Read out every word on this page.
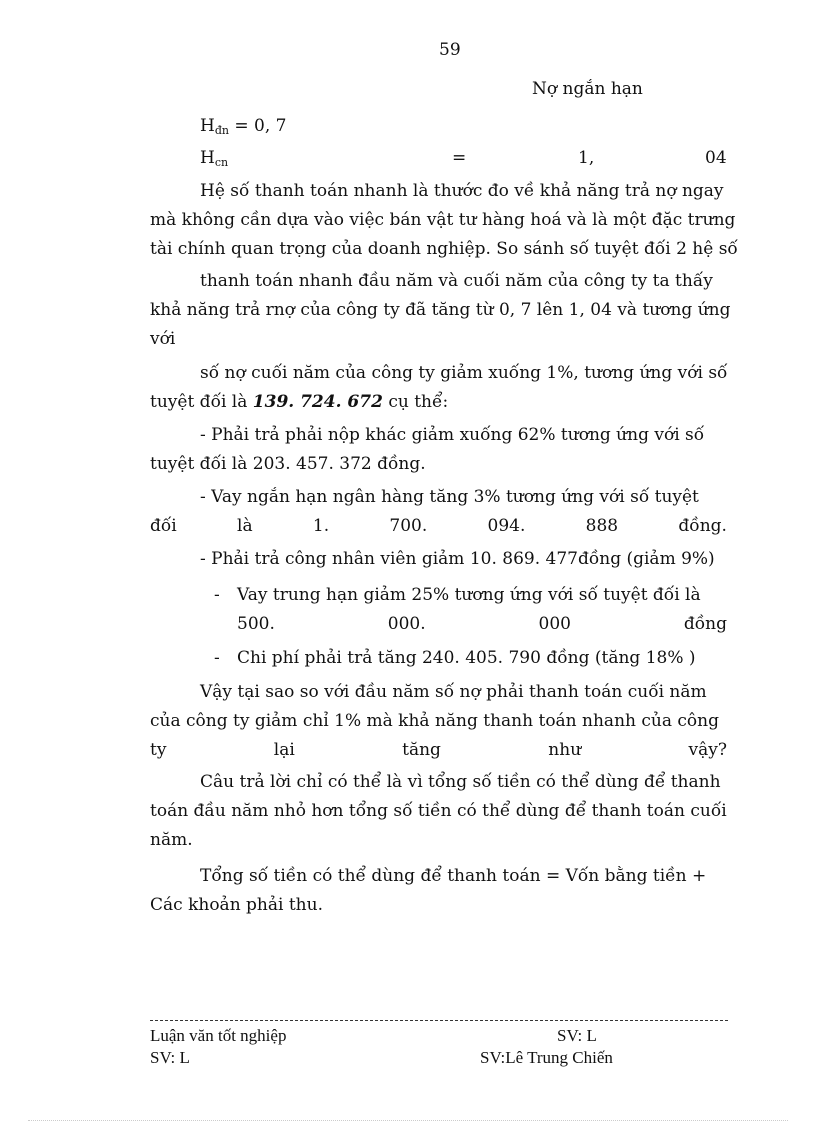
59
Nợ ngắn hạn
$H_{đn} = 0$, 7
$H_{cn}$	=	1,	04
Hệ số thanh toán nhanh là thước đo về khả năng trả nợ ngay
mà không cần dựa vào việc bán vật tư hàng hoá và là một đặc trưng
tài chính quan trọng của doanh nghiệp. So sánh số tuyệt đối 2 hệ số
thanh toán nhanh đầu năm và cuối năm của công ty ta thấy
khả năng trả rnợ của công ty đã tăng từ 0, 7 lên 1, 04 và tương ứng
với
số nợ cuối năm của công ty giảm xuống 1%, tương ứng với số
tuyệt đối là 139. 724. 672 cụ thể:
- Phải trả phải nộp khác giảm xuống 62% tương ứng với số
tuyệt đối là 203. 457. 372 đồng.
- Vay ngắn hạn ngân hàng tăng 3% tương ứng với số tuyệt
đối	là	1.	700.	094.	888	đồng.
- Phải trả công nhân viên giảm 10. 869. 477đồng (giảm 9%)
- Vay trung hạn giảm 25% tương ứng với số tuyệt đối là
500.	000.	000	đồng
- Chi phí phải trả tăng 240. 405. 790 đồng (tăng 18% )
Vậy tại sao so với đầu năm số nợ phải thanh toán cuối năm
của công ty giảm chỉ 1% mà khả năng thanh toán nhanh của công
ty	lại	tăng	như	vậy?
Câu trả lời chỉ có thể là vì tổng số tiền có thể dùng để thanh
toán đầu năm nhỏ hơn tổng số tiền có thể dùng để thanh toán cuối
năm.
Tổng số tiền có thể dùng để thanh toán = Vốn bằng tiền +
Các khoản phải thu.
Luận văn tốt nghiệp	SV: L
SV: L	SV:Lê Trung Chiến
